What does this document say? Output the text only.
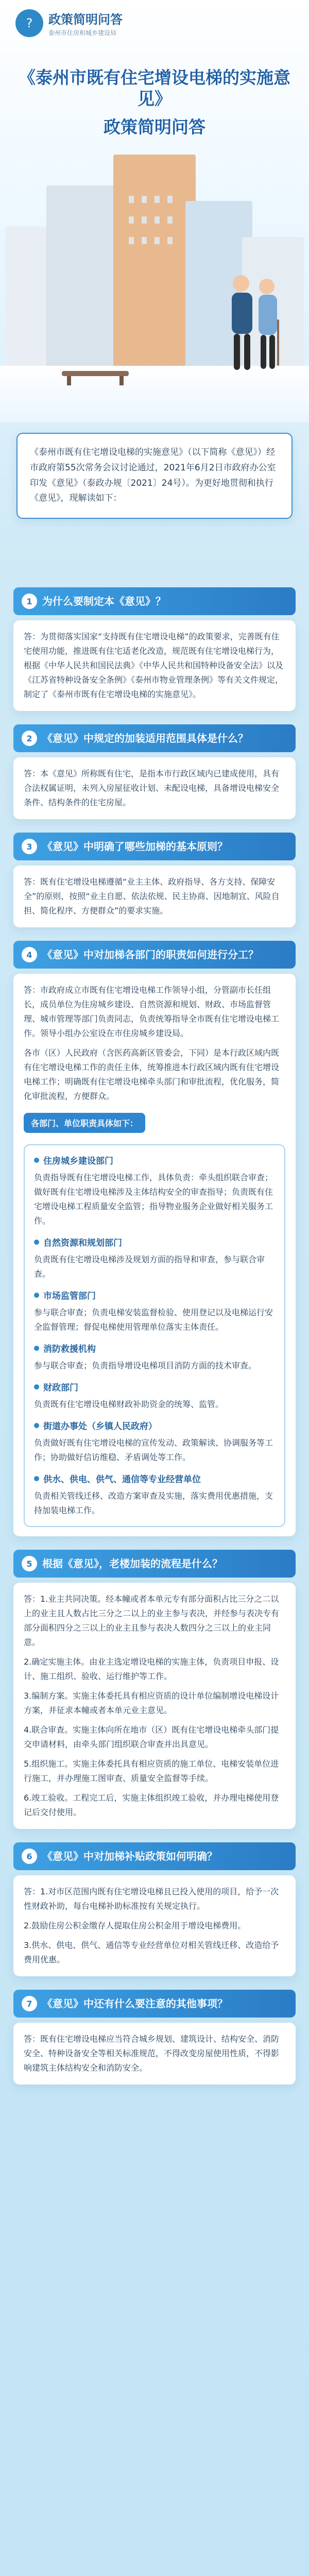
?	政策简明问答
泰州市住房和城乡建设局
《泰州市既有住宅增设电梯的实施意见》
政策简明问答
《泰州市既有住宅增设电梯的实施意见》（以下简称《意见》）经市政府第55次常务会议讨论通过，2021年6月2日市政府办公室印发《意见》（泰政办规〔2021〕24号）。为更好地贯彻和执行《意见》，现解读如下：
1 为什么要制定本《意见》？

答：为贯彻落实国家“支持既有住宅增设电梯”的政策要求，完善既有住宅使用功能，推进既有住宅适老化改造，规范既有住宅增设电梯行为，根据《中华人民共和国民法典》《中华人民共和国特种设备安全法》以及《江苏省特种设备安全条例》《泰州市物业管理条例》等有关文件规定，制定了《泰州市既有住宅增设电梯的实施意见》。

2 《意见》中规定的加装适用范围具体是什么？

答：本《意见》所称既有住宅，是指本市行政区域内已建成使用，具有合法权属证明，未列入房屋征收计划、未配设电梯，具备增设电梯安全条件、结构条件的住宅房屋。

3 《意见》中明确了哪些加梯的基本原则？

答：既有住宅增设电梯遵循“业主主体、政府指导、各方支持、保障安全”的原则，按照“业主自愿、依法依规、民主协商、因地制宜、风险自担、简化程序、方便群众”的要求实施。

4 《意见》中对加梯各部门的职责如何进行分工？

答：市政府成立市既有住宅增设电梯工作领导小组，分管副市长任组长，成员单位为住房城乡建设、自然资源和规划、财政、市场监督管理、城市管理等部门负责同志，负责统筹指导全市既有住宅增设电梯工作。领导小组办公室设在市住房城乡建设局。

各市（区）人民政府（含医药高新区管委会，下同）是本行政区域内既有住宅增设电梯工作的责任主体，统筹推进本行政区域内既有住宅增设电梯工作；明确既有住宅增设电梯牵头部门和审批流程，优化服务，简化审批流程，方便群众。

各部门、单位职责具体如下：
住房城乡建设部门

负责指导既有住宅增设电梯工作，具体负责：牵头组织联合审查；做好既有住宅增设电梯涉及主体结构安全的审查指导；负责既有住宅增设电梯工程质量安全监管；指导物业服务企业做好相关服务工作。

自然资源和规划部门

负责既有住宅增设电梯涉及规划方面的指导和审查，参与联合审查。

市场监管部门

参与联合审查；负责电梯安装监督检验、使用登记以及电梯运行安全监督管理；督促电梯使用管理单位落实主体责任。

消防救援机构

参与联合审查；负责指导增设电梯项目消防方面的技术审查。

财政部门

负责既有住宅增设电梯财政补助资金的统筹、监管。

街道办事处（乡镇人民政府）

负责做好既有住宅增设电梯的宣传发动、政策解读、协调服务等工作；协助做好信访维稳、矛盾调处等工作。

供水、供电、供气、通信等专业经营单位

负责相关管线迁移、改造方案审查及实施，落实费用优惠措施，支持加装电梯工作。

5 根据《意见》，老楼加装的流程是什么？

答：1.业主共同决策。经本幢或者本单元专有部分面积占比三分之二以上的业主且人数占比三分之二以上的业主参与表决，并经参与表决专有部分面积四分之三以上的业主且参与表决人数四分之三以上的业主同意。

2.确定实施主体。由业主选定增设电梯的实施主体，负责项目申报、设计、施工组织、验收、运行维护等工作。

3.编制方案。实施主体委托具有相应资质的设计单位编制增设电梯设计方案，并征求本幢或者本单元业主意见。

4.联合审查。实施主体向所在地市（区）既有住宅增设电梯牵头部门提交申请材料，由牵头部门组织联合审查并出具意见。

5.组织施工。实施主体委托具有相应资质的施工单位、电梯安装单位进行施工，并办理施工图审查、质量安全监督等手续。

6.竣工验收。工程完工后，实施主体组织竣工验收，并办理电梯使用登记后交付使用。

6 《意见》中对加梯补贴政策如何明确？

答：1.对市区范围内既有住宅增设电梯且已投入使用的项目，给予一次性财政补助，每台电梯补助标准按有关规定执行。

2.鼓励住房公积金缴存人提取住房公积金用于增设电梯费用。

3.供水、供电、供气、通信等专业经营单位对相关管线迁移、改造给予费用优惠。

7 《意见》中还有什么要注意的其他事项？

答：既有住宅增设电梯应当符合城乡规划、建筑设计、结构安全、消防安全、特种设备安全等相关标准规范，不得改变房屋使用性质，不得影响建筑主体结构安全和消防安全。
